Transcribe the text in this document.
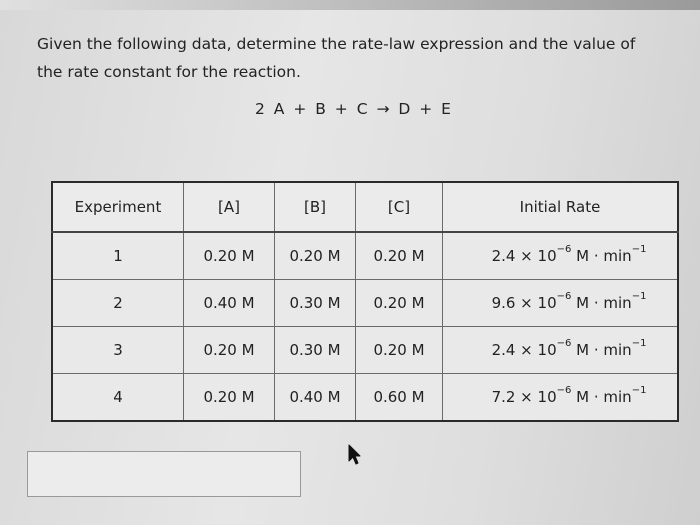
Given the following data, determine the rate-law expression and the value of
the rate constant for the reaction.

2 A + B + C → D + E
Experiment	[A]	[B]	[C]	Initial Rate
1	0.20 M	0.20 M	0.20 M	$2.4 \times 10^{-6}$ $M \cdot \min^{-1}$
2	0.40 M	0.30 M	0.20 M	$9.6 \times 10^{-6}$ $M \cdot \min^{-1}$
3	0.20 M	0.30 M	0.20 M	$2.4 \times 10^{-6}$ $M \cdot \min^{-1}$
4	0.20 M	0.40 M	0.60 M	$7.2 \times 10^{-6}$ $M \cdot \min^{-1}$
